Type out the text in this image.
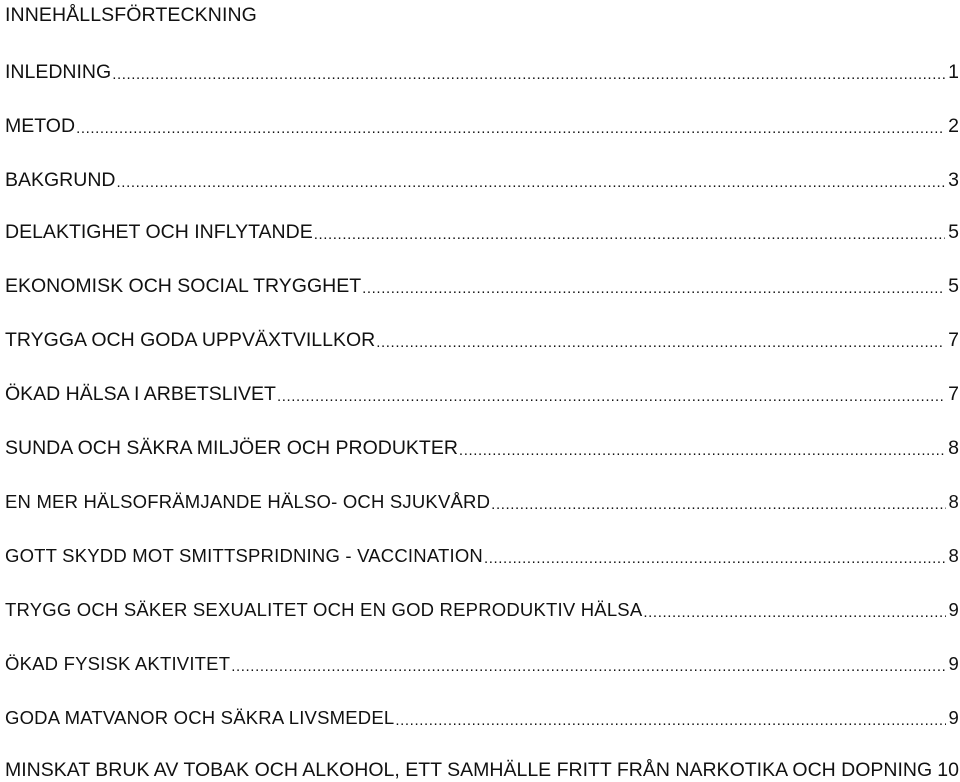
INNEHÅLLSFÖRTECKNING
INLEDNING .....	1
METOD .....	2
BAKGRUND .....	3
DELAKTIGHET OCH INFLYTANDE .....	5
EKONOMISK OCH SOCIAL TRYGGHET .....	5
TRYGGA OCH GODA UPPVÄXTVILLKOR .....	7
ÖKAD HÄLSA I ARBETSLIVET .....	7
SUNDA OCH SÄKRA MILJÖER OCH PRODUKTER .....	8
EN MER HÄLSOFRÄMJANDE HÄLSO- OCH SJUKVÅRD .....	8
GOTT SKYDD MOT SMITTSPRIDNING - VACCINATION .....	8
TRYGG OCH SÄKER SEXUALITET OCH EN GOD REPRODUKTIV HÄLSA .....	9
ÖKAD FYSISK AKTIVITET .....	9
GODA MATVANOR OCH SÄKRA LIVSMEDEL .....	9
MINSKAT BRUK AV TOBAK OCH ALKOHOL, ETT SAMHÄLLE FRITT FRÅN NARKOTIKA OCH DOPNING ..... 10
